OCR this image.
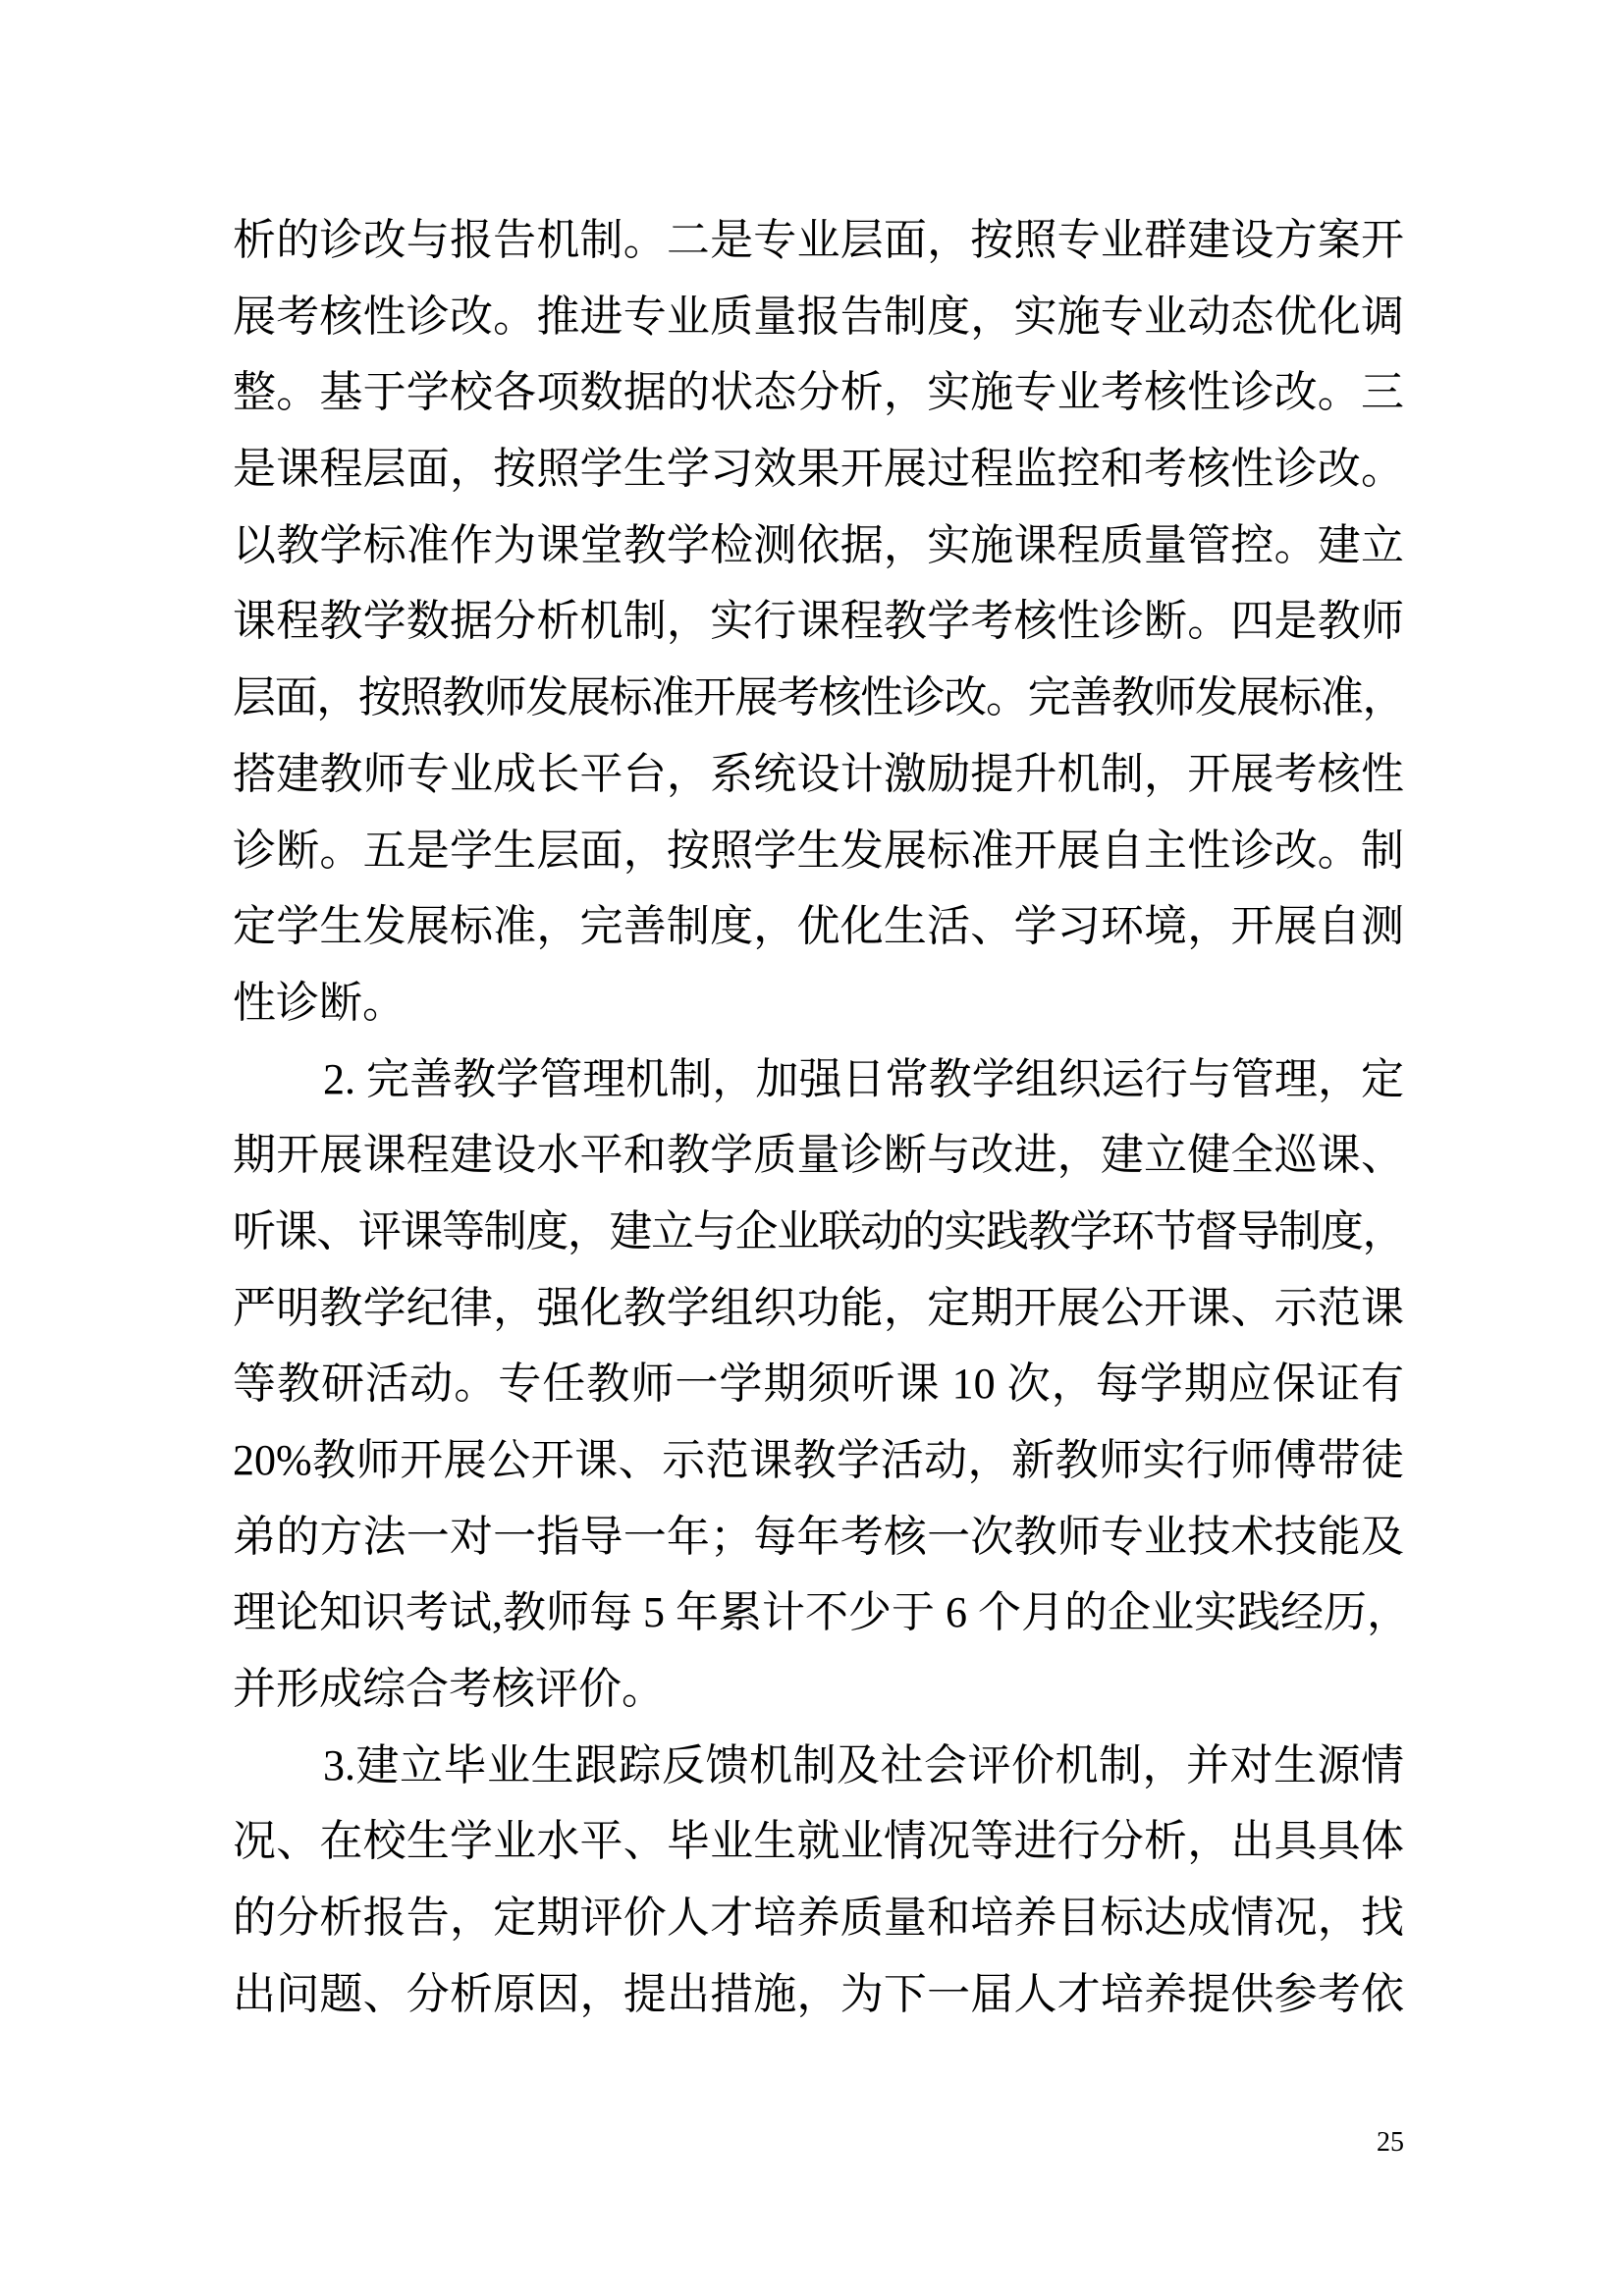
析的诊改与报告机制。二是专业层面，按照专业群建设方案开
展考核性诊改。推进专业质量报告制度，实施专业动态优化调
整。基于学校各项数据的状态分析，实施专业考核性诊改。三
是课程层面，按照学生学习效果开展过程监控和考核性诊改。
以教学标准作为课堂教学检测依据，实施课程质量管控。建立
课程教学数据分析机制，实行课程教学考核性诊断。四是教师
层面，按照教师发展标准开展考核性诊改。完善教师发展标准，
搭建教师专业成长平台，系统设计激励提升机制，开展考核性
诊断。五是学生层面，按照学生发展标准开展自主性诊改。制
定学生发展标准，完善制度，优化生活、学习环境，开展自测
性诊断。
2. 完善教学管理机制，加强日常教学组织运行与管理，定
期开展课程建设水平和教学质量诊断与改进，建立健全巡课、
听课、评课等制度，建立与企业联动的实践教学环节督导制度，
严明教学纪律，强化教学组织功能，定期开展公开课、示范课
等教研活动。专任教师一学期须听课 10 次，每学期应保证有
20%教师开展公开课、示范课教学活动，新教师实行师傅带徒
弟的方法一对一指导一年；每年考核一次教师专业技术技能及
理论知识考试,教师每 5 年累计不少于 6 个月的企业实践经历，
并形成综合考核评价。
3.建立毕业生跟踪反馈机制及社会评价机制，并对生源情
况、在校生学业水平、毕业生就业情况等进行分析，出具具体
的分析报告，定期评价人才培养质量和培养目标达成情况，找
出问题、分析原因，提出措施，为下一届人才培养提供参考依
25
